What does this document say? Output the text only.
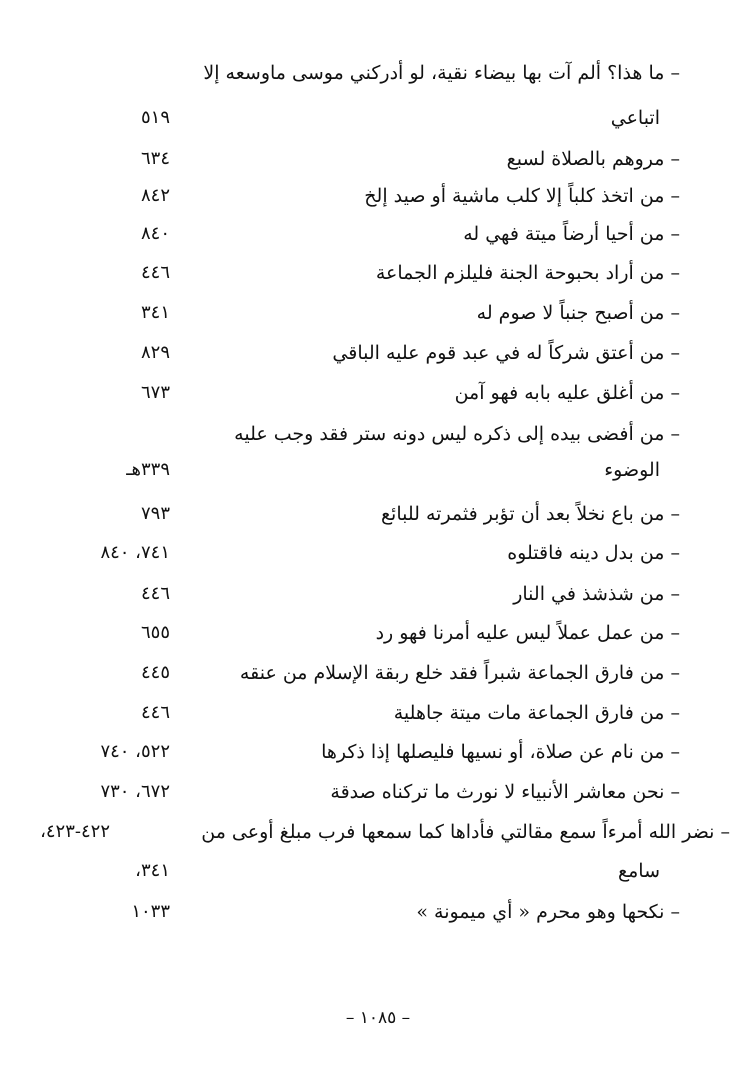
– ما هذا؟ ألم آت بها بيضاء نقية، لو أدركني موسى ماوسعه إلا
اتباعي
٥١٩
– مروهم بالصلاة لسبع
٦٣٤
– من اتخذ كلباً إلا كلب ماشية أو صيد إلخ
٨٤٢
– من أحيا أرضاً ميتة فهي له
٨٤٠
– من أراد بحبوحة الجنة فليلزم الجماعة
٤٤٦
– من أصبح جنباً لا صوم له
٣٤١
– من أعتق شركاً له في عبد قوم عليه الباقي
٨٢٩
– من أغلق عليه بابه فهو آمن
٦٧٣
– من أفضى بيده إلى ذكره ليس دونه ستر فقد وجب عليه
الوضوء
٣٣٩هـ
– من باع نخلاً بعد أن تؤبر فثمرته للبائع
٧٩٣
– من بدل دينه فاقتلوه
٧٤١، ٨٤٠
– من شذشذ في النار
٤٤٦
– من عمل عملاً ليس عليه أمرنا فهو رد
٦٥٥
– من فارق الجماعة شبراً فقد خلع ربقة الإسلام من عنقه
٤٤٥
– من فارق الجماعة مات ميتة جاهلية
٤٤٦
– من نام عن صلاة، أو نسيها فليصلها إذا ذكرها
٥٢٢، ٧٤٠
– نحن معاشر الأنبياء لا نورث ما تركناه صدقة
٦٧٢، ٧٣٠
– نضر الله أمرءاً سمع مقالتي فأداها كما سمعها فرب مبلغ أوعى من
٤٢٢-٤٢٣،
سامع
٣٤١،
– نكحها وهو محرم « أي ميمونة »
١٠٣٣
– ١٠٨٥ –
